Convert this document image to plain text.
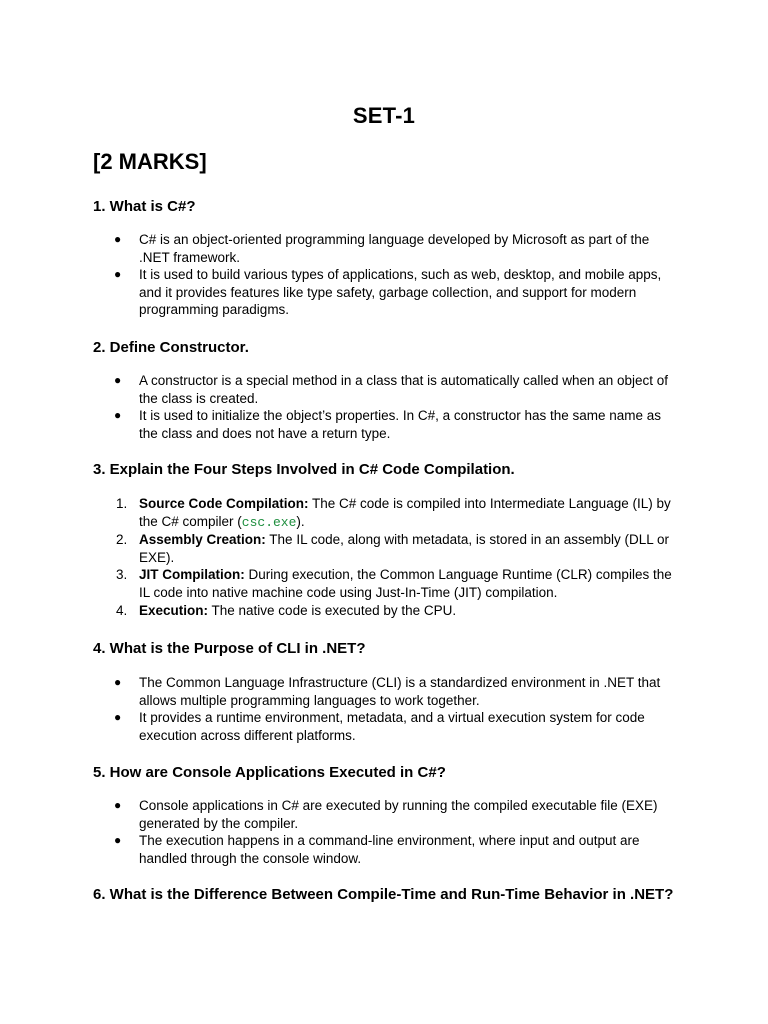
SET-1
[2 MARKS]
1. What is C#?
● C# is an object-oriented programming language developed by Microsoft as part of the .NET framework.
● It is used to build various types of applications, such as web, desktop, and mobile apps, and it provides features like type safety, garbage collection, and support for modern programming paradigms.
2. Define Constructor.
● A constructor is a special method in a class that is automatically called when an object of the class is created.
● It is used to initialize the object’s properties. In C#, a constructor has the same name as the class and does not have a return type.
3. Explain the Four Steps Involved in C# Code Compilation.
1. Source Code Compilation: The C# code is compiled into Intermediate Language (IL) by the C# compiler (csc.exe).
2. Assembly Creation: The IL code, along with metadata, is stored in an assembly (DLL or EXE).
3. JIT Compilation: During execution, the Common Language Runtime (CLR) compiles the IL code into native machine code using Just-In-Time (JIT) compilation.
4. Execution: The native code is executed by the CPU.
4. What is the Purpose of CLI in .NET?
● The Common Language Infrastructure (CLI) is a standardized environment in .NET that allows multiple programming languages to work together.
● It provides a runtime environment, metadata, and a virtual execution system for code execution across different platforms.
5. How are Console Applications Executed in C#?
● Console applications in C# are executed by running the compiled executable file (EXE) generated by the compiler.
● The execution happens in a command-line environment, where input and output are handled through the console window.
6. What is the Difference Between Compile-Time and Run-Time Behavior in .NET?
